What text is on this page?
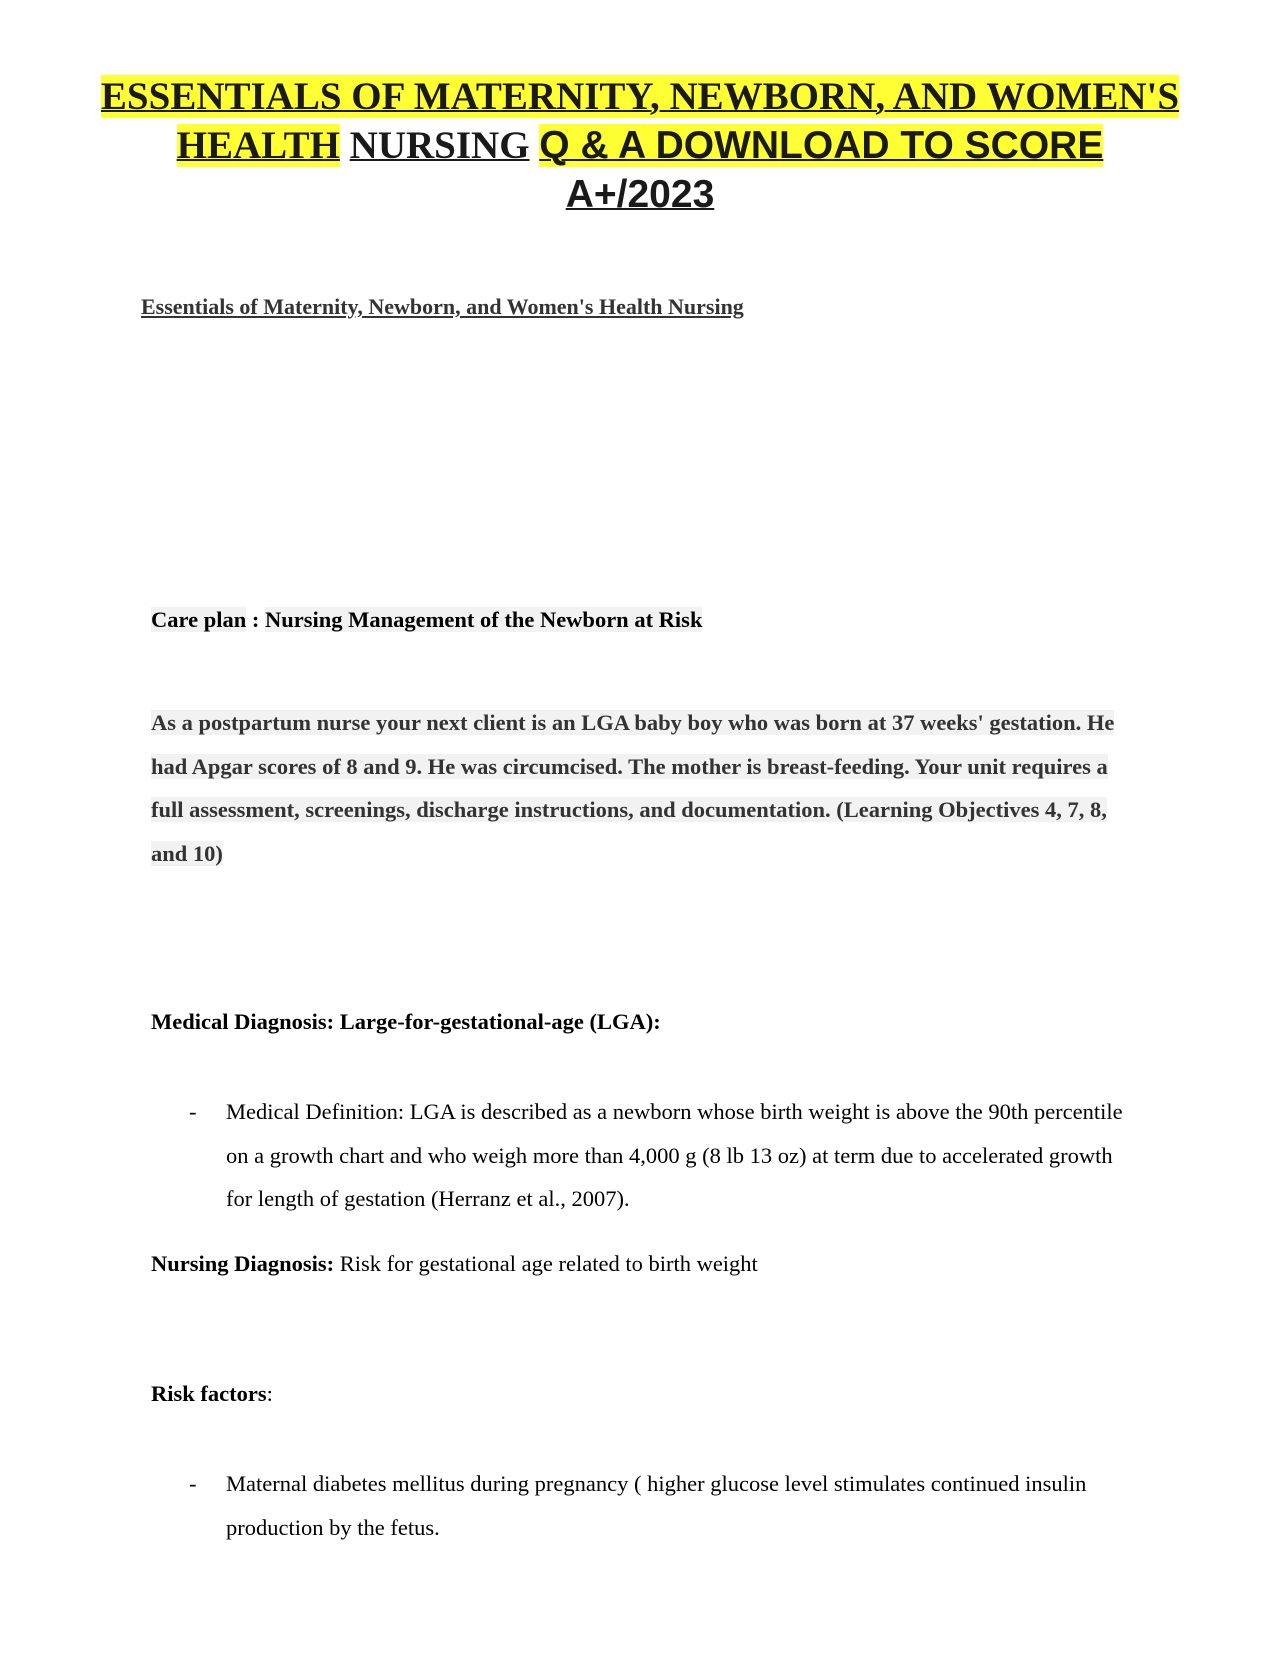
ESSENTIALS OF MATERNITY, NEWBORN, AND WOMEN'S HEALTH NURSING Q & A DOWNLOAD TO SCORE A+/2023
Essentials of Maternity, Newborn, and Women's Health Nursing
Care plan : Nursing Management of the Newborn at Risk
As a postpartum nurse your next client is an LGA baby boy who was born at 37 weeks' gestation. He had Apgar scores of 8 and 9. He was circumcised. The mother is breast-feeding. Your unit requires a full assessment, screenings, discharge instructions, and documentation. (Learning Objectives 4, 7, 8, and 10)
Medical Diagnosis: Large-for-gestational-age (LGA):
- Medical Definition: LGA is described as a newborn whose birth weight is above the 90th percentile on a growth chart and who weigh more than 4,000 g (8 lb 13 oz) at term due to accelerated growth for length of gestation (Herranz et al., 2007).
Nursing Diagnosis: Risk for gestational age related to birth weight
Risk factors:
- Maternal diabetes mellitus during pregnancy ( higher glucose level stimulates continued insulin production by the fetus.
